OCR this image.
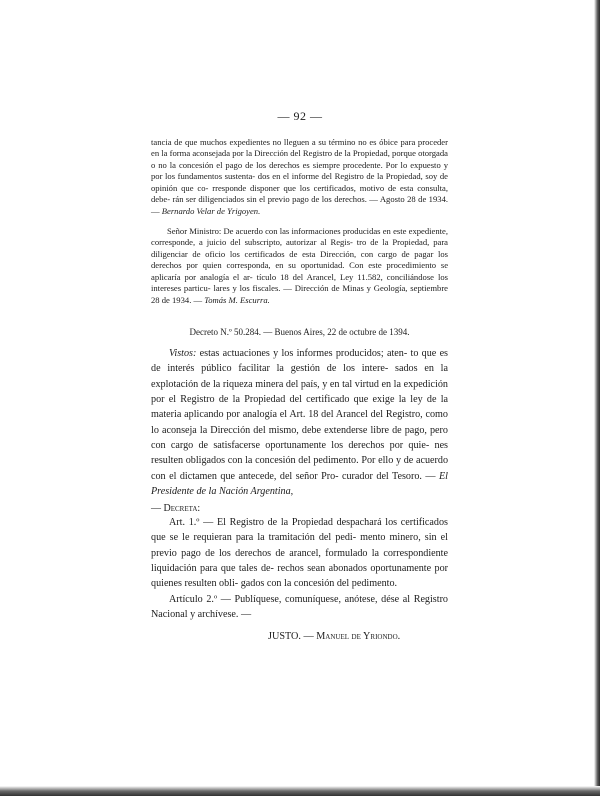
— 92 —

tancia de que muchos expedientes no lleguen a su término no es óbice para proceder en la forma aconsejada por la Dirección del Registro de la Propiedad, porque otorgada o no la concesión el pago de los derechos es siempre procedente. Por lo expuesto y por los fundamentos sustenta- dos en el informe del Registro de la Propiedad, soy de opinión que co- rresponde disponer que los certificados, motivo de esta consulta, debe- rán ser diligenciados sin el previo pago de los derechos. — Agosto 28 de 1934. — Bernardo Velar de Yrigoyen.

Señor Ministro: De acuerdo con las informaciones producidas en este expediente, corresponde, a juicio del subscripto, autorizar al Regis- tro de la Propiedad, para diligenciar de oficio los certificados de esta Dirección, con cargo de pagar los derechos por quien corresponda, en su oportunidad. Con este procedimiento se aplicaría por analogía el ar- tículo 18 del Arancel, Ley 11.582, conciliándose los intereses particu- lares y los fiscales. — Dirección de Minas y Geología, septiembre 28 de 1934. — Tomás M. Escurra.

Decreto N.º 50.284. — Buenos Aires, 22 de octubre de 1394.

Vistos: estas actuaciones y los informes producidos; aten- to que es de interés público facilitar la gestión de los intere- sados en la explotación de la riqueza minera del país, y en tal virtud en la expedición por el Registro de la Propiedad del certificado que exige la ley de la materia aplicando por analogía el Art. 18 del Arancel del Registro, como lo aconseja la Dirección del mismo, debe extenderse libre de pago, pero con cargo de satisfacerse oportunamente los derechos por quie- nes resulten obligados con la concesión del pedimento. Por ello y de acuerdo con el dictamen que antecede, del señor Pro- curador del Tesoro. — El Presidente de la Nación Argentina,

— Decreta:

Art. 1.º — El Registro de la Propiedad despachará los certificados que se le requieran para la tramitación del pedi- mento minero, sin el previo pago de los derechos de arancel, formulado la correspondiente liquidación para que tales de- rechos sean abonados oportunamente por quienes resulten obli- gados con la concesión del pedimento.

Artículo 2.º — Publíquese, comuníquese, anótese, dése al Registro Nacional y archívese. —

JUSTO. — Manuel de Yriondo.
